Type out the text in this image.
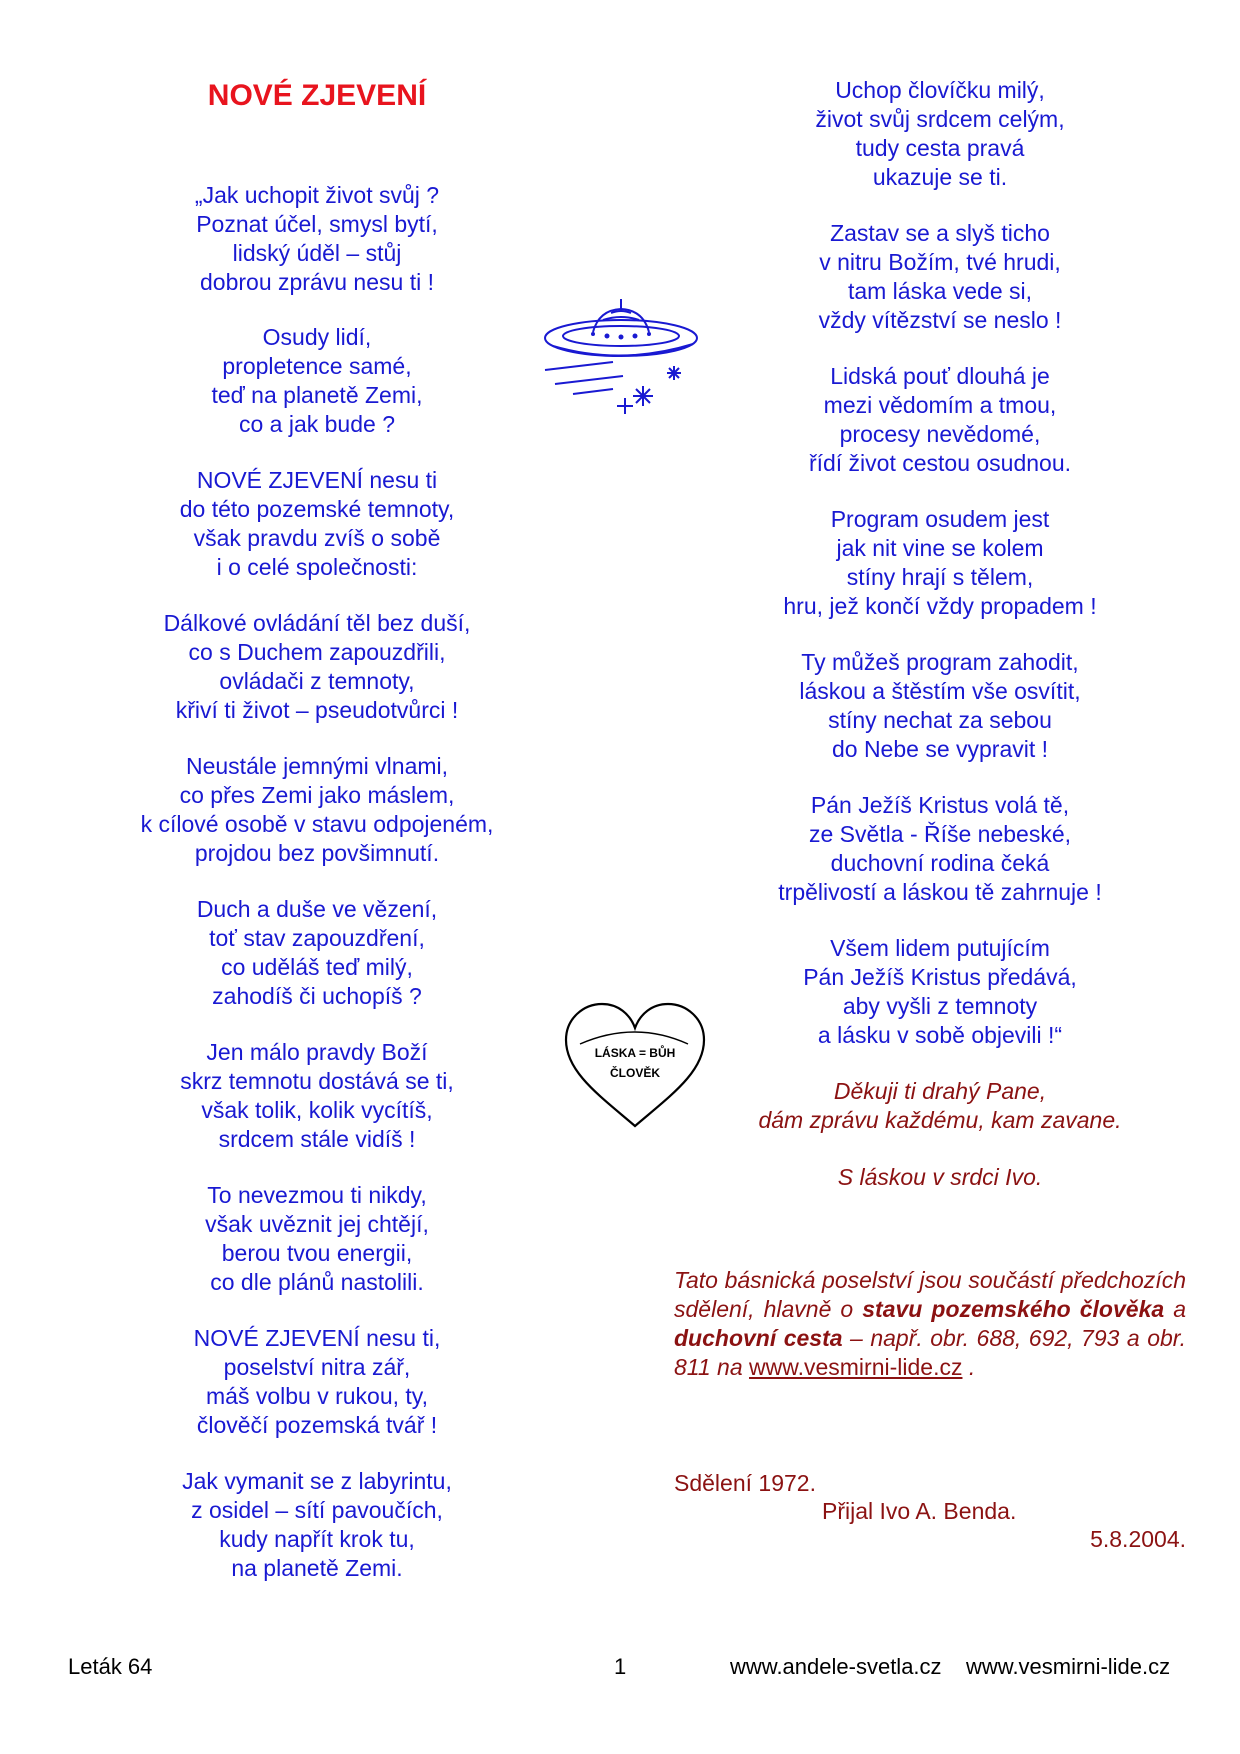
NOVÉ ZJEVENÍ

„Jak uchopit život svůj ?
Poznat účel, smysl bytí,
lidský úděl – stůj
dobrou zprávu nesu ti !

Osudy lidí,
propletence samé,
teď na planetě Zemi,
co a jak bude ?

NOVÉ ZJEVENÍ nesu ti
do této pozemské temnoty,
však pravdu zvíš o sobě
i o celé společnosti:

Dálkové ovládání těl bez duší,
co s Duchem zapouzdřili,
ovládači z temnoty,
křiví ti život – pseudotvůrci !

Neustále jemnými vlnami,
co přes Zemi jako máslem,
k cílové osobě v stavu odpojeném,
projdou bez povšimnutí.

Duch a duše ve vězení,
toť stav zapouzdření,
co uděláš teď milý,
zahodíš či uchopíš ?

Jen málo pravdy Boží
skrz temnotu dostává se ti,
však tolik, kolik vycítíš,
srdcem stále vidíš !

To nevezmou ti nikdy,
však uvěznit jej chtějí,
berou tvou energii,
co dle plánů nastolili.

NOVÉ ZJEVENÍ nesu ti,
poselství nitra zář,
máš volbu v rukou, ty,
člověčí pozemská tvář !

Jak vymanit se z labyrintu,
z osidel – sítí pavoučích,
kudy napřít krok tu,
na planetě Zemi.

Uchop človíčku milý,
život svůj srdcem celým,
tudy cesta pravá
ukazuje se ti.

Zastav se a slyš ticho
v nitru Božím, tvé hrudi,
tam láska vede si,
vždy vítězství se neslo !

Lidská pouť dlouhá je
mezi vědomím a tmou,
procesy nevědomé,
řídí život cestou osudnou.

Program osudem jest
jak nit vine se kolem
stíny hrají s tělem,
hru, jež končí vždy propadem !

Ty můžeš program zahodit,
láskou a štěstím vše osvítit,
stíny nechat za sebou
do Nebe se vypravit !

Pán Ježíš Kristus volá tě,
ze Světla - Říše nebeské,
duchovní rodina čeká
trpělivostí a láskou tě zahrnuje !

Všem lidem putujícím
Pán Ježíš Kristus předává,
aby vyšli z temnoty
a lásku v sobě objevili !“

Děkuji ti drahý Pane,
dám zprávu každému, kam zavane.

S láskou v srdci Ivo.

Tato básnická poselství jsou součástí předchozích sdělení, hlavně o stavu pozemského člověka a duchovní cesta – např. obr. 688, 692, 793 a obr. 811 na www.vesmirni-lide.cz .

Sdělení 1972.
Přijal Ivo A. Benda.
5.8.2004.
LÁSKA = BŮH
ČLOVĚK
Leták 64	1	www.andele-svetla.cz www.vesmirni-lide.cz
